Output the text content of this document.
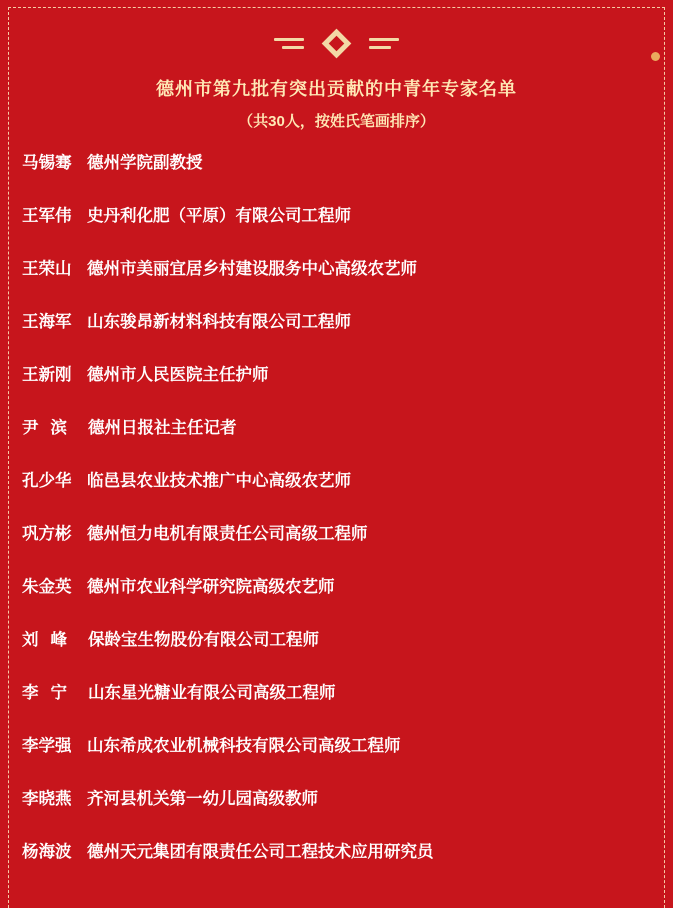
德州市第九批有突出贡献的中青年专家名单
（共30人，按姓氏笔画排序）
马锡骞 德州学院副教授
王军伟 史丹利化肥（平原）有限公司工程师
王荣山 德州市美丽宜居乡村建设服务中心高级农艺师
王海军 山东骏昂新材料科技有限公司工程师
王新刚 德州市人民医院主任护师
尹滨 德州日报社主任记者
孔少华 临邑县农业技术推广中心高级农艺师
巩方彬 德州恒力电机有限责任公司高级工程师
朱金英 德州市农业科学研究院高级农艺师
刘峰 保龄宝生物股份有限公司工程师
李宁 山东星光糖业有限公司高级工程师
李学强 山东希成农业机械科技有限公司高级工程师
李晓燕 齐河县机关第一幼儿园高级教师
杨海波 德州天元集团有限责任公司工程技术应用研究员
